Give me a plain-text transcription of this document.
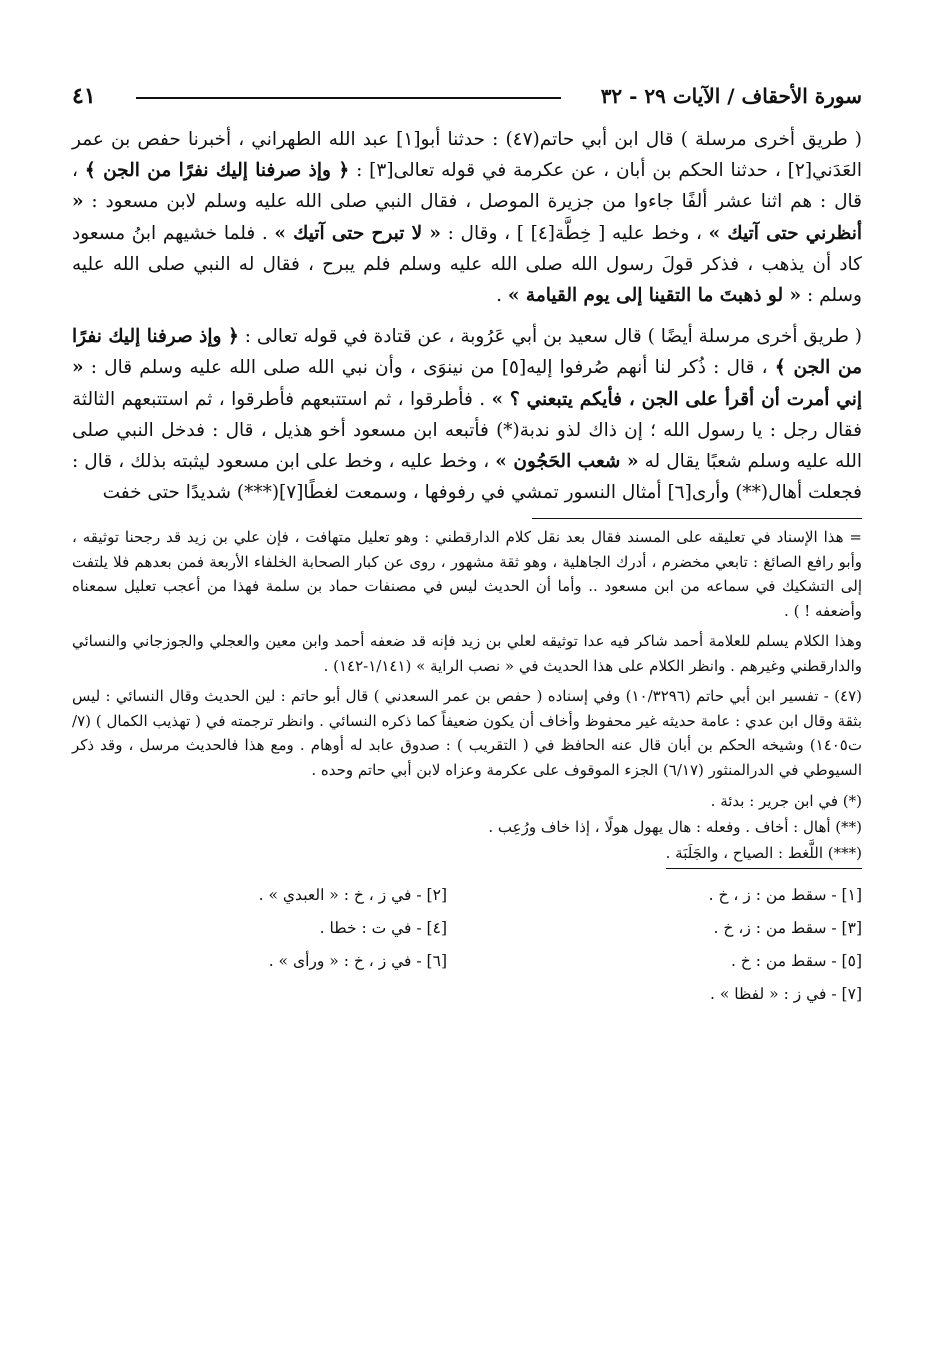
سورة الأحقاف / الآيات ٢٩ - ٣٢
٤١

( طريق أخرى مرسلة ) قال ابن أبي حاتم(٤٧) : حدثنا أبو[١] عبد الله الطهراني ، أخبرنا حفص بن عمر العَدَني[٢] ، حدثنا الحكم بن أبان ، عن عكرمة في قوله تعالى[٣] : ﴿ وإذ صرفنا إليك نفرًا من الجن ﴾ ، قال : هم اثنا عشر ألفًا جاءوا من جزيرة الموصل ، فقال النبي صلى الله عليه وسلم لابن مسعود : « أنظرني حتى آتيك » ، وخط عليه [ خِطَّة[٤] ] ، وقال : « لا تبرح حتى آتيك » . فلما خشيهم ابنُ مسعود كاد أن يذهب ، فذكر قولَ رسول الله صلى الله عليه وسلم فلم يبرح ، فقال له النبي صلى الله عليه وسلم : « لو ذهبتَ ما التقينا إلى يوم القيامة » .

( طريق أخرى مرسلة أيضًا ) قال سعيد بن أبي عَرُوبة ، عن قتادة في قوله تعالى : ﴿ وإذ صرفنا إليك نفرًا من الجن ﴾ ، قال : ذُكر لنا أنهم صُرفوا إليه[٥] من نينوَى ، وأن نبي الله صلى الله عليه وسلم قال : « إني أمرت أن أقرأ على الجن ، فأيكم يتبعني ؟ » . فأطرقوا ، ثم استتبعهم فأطرقوا ، ثم استتبعهم الثالثة فقال رجل : يا رسول الله ؛ إن ذاك لذو ندبة(*) فأتبعه ابن مسعود أخو هذيل ، قال : فدخل النبي صلى الله عليه وسلم شعبًا يقال له « شعب الحَجُون » ، وخط عليه ، وخط على ابن مسعود ليثبته بذلك ، قال : فجعلت أهال(**) وأرى[٦] أمثال النسور تمشي في رفوفها ، وسمعت لغطًا[٧](***) شديدًا حتى خفت

= هذا الإسناد في تعليقه على المسند فقال بعد نقل كلام الدارقطني : وهو تعليل متهافت ، فإن علي بن زيد قد رجحنا توثيقه ، وأبو رافع الصائغ : تابعي مخضرم ، أدرك الجاهلية ، وهو ثقة مشهور ، روى عن كبار الصحابة الخلفاء الأربعة فمن بعدهم فلا يلتفت إلى التشكيك في سماعه من ابن مسعود .. وأما أن الحديث ليس في مصنفات حماد بن سلمة فهذا من أعجب تعليل سمعناه وأضعفه ! ) .

وهذا الكلام يسلم للعلامة أحمد شاكر فيه عدا توثيقه لعلي بن زيد فإنه قد ضعفه أحمد وابن معين والعجلي والجوزجاني والنسائي والدارقطني وغيرهم . وانظر الكلام على هذا الحديث في « نصب الراية » (١/١٤١-١٤٢) .

(٤٧) - تفسير ابن أبي حاتم (١٠/٣٢٩٦) وفي إسناده ( حفص بن عمر السعدني ) قال أبو حاتم : لين الحديث وقال النسائي : ليس بثقة وقال ابن عدي : عامة حديثه غير محفوظ وأخاف أن يكون ضعيفاً كما ذكره النسائي . وانظر ترجمته في ( تهذيب الكمال ) (٧/ت١٤٠٥) وشيخه الحكم بن أبان قال عنه الحافظ في ( التقريب ) : صدوق عابد له أوهام . ومع هذا فالحديث مرسل ، وقد ذكر السيوطي في الدرالمنثور (٦/١٧) الجزء الموقوف على عكرمة وعزاه لابن أبي حاتم وحده .

(*) في ابن جرير : بدئة .
(**) أهال : أخاف . وفعله : هال يهول هولًا ، إذا خاف ورُعِب .
(***) اللَّغط : الصياح ، والجَلَبَة .
[١] - سقط من : ز ، خ .
[٢] - في ز ، خ : « العبدي » .
[٣] - سقط من : ز، خ .
[٤] - في ت : خطا .
[٥] - سقط من : خ .
[٦] - في ز ، خ : « ورأى » .
[٧] - في ز : « لفظا » .
